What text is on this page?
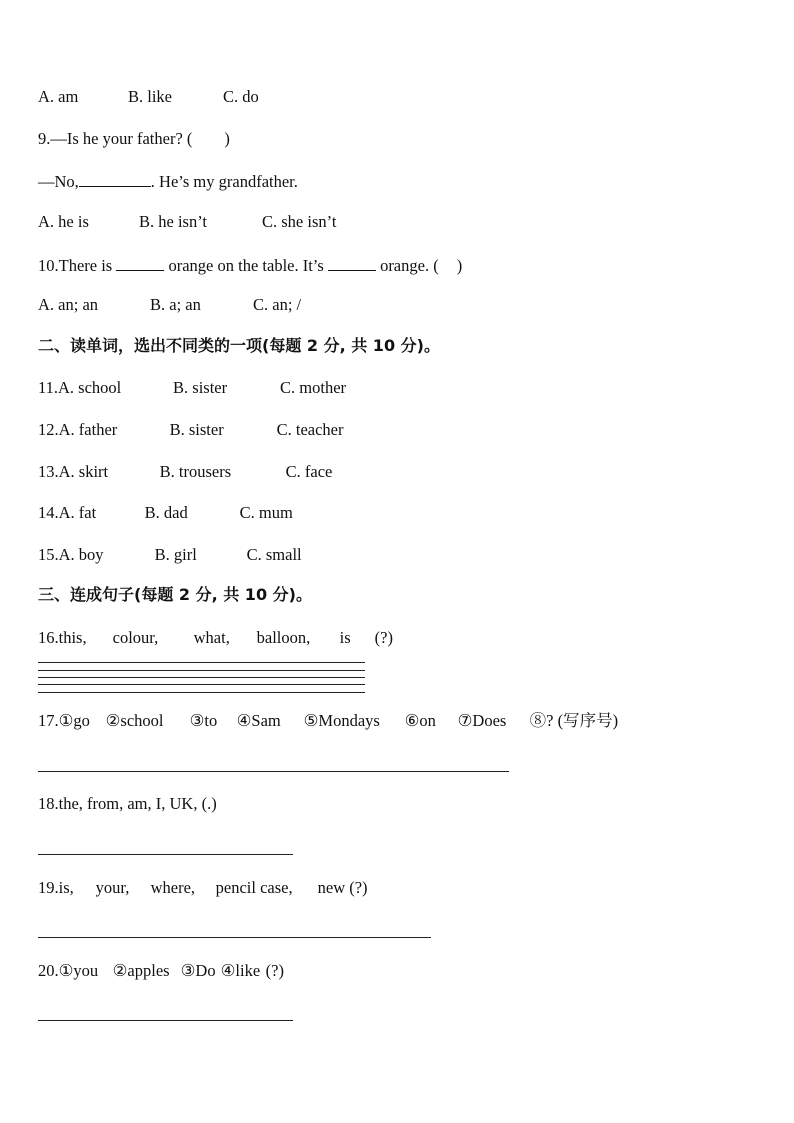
A. am	B. like	C. do
9.—Is he your father? ( )
—No,	. He’s my grandfather.
A. he is	B. he isn’t	C. she isn’t
10.There is	orange on the table. It’s	orange. ( )
A. an; an	B. a; an	C. an; /
二、读单词，选出不同类的一项(每题 2 分, 共 10 分)。
11.A. school	B. sister	C. mother
12.A. father	B. sister	C. teacher
13.A. skirt	B. trousers	C. face
14.A. fat	B. dad	C. mum
15.A. boy	B. girl	C. small
三、连成句子(每题 2 分, 共 10 分)。
16.this, colour, what, balloon, is (?)
17.①go ②school ③to ④Sam ⑤Mondays ⑥on ⑦Does ⑧? (写序号)
18.the, from, am, I, UK, (.)
19.is, your, where, pencil case, new (?)
20.①you ②apples ③Do ④like (?)
